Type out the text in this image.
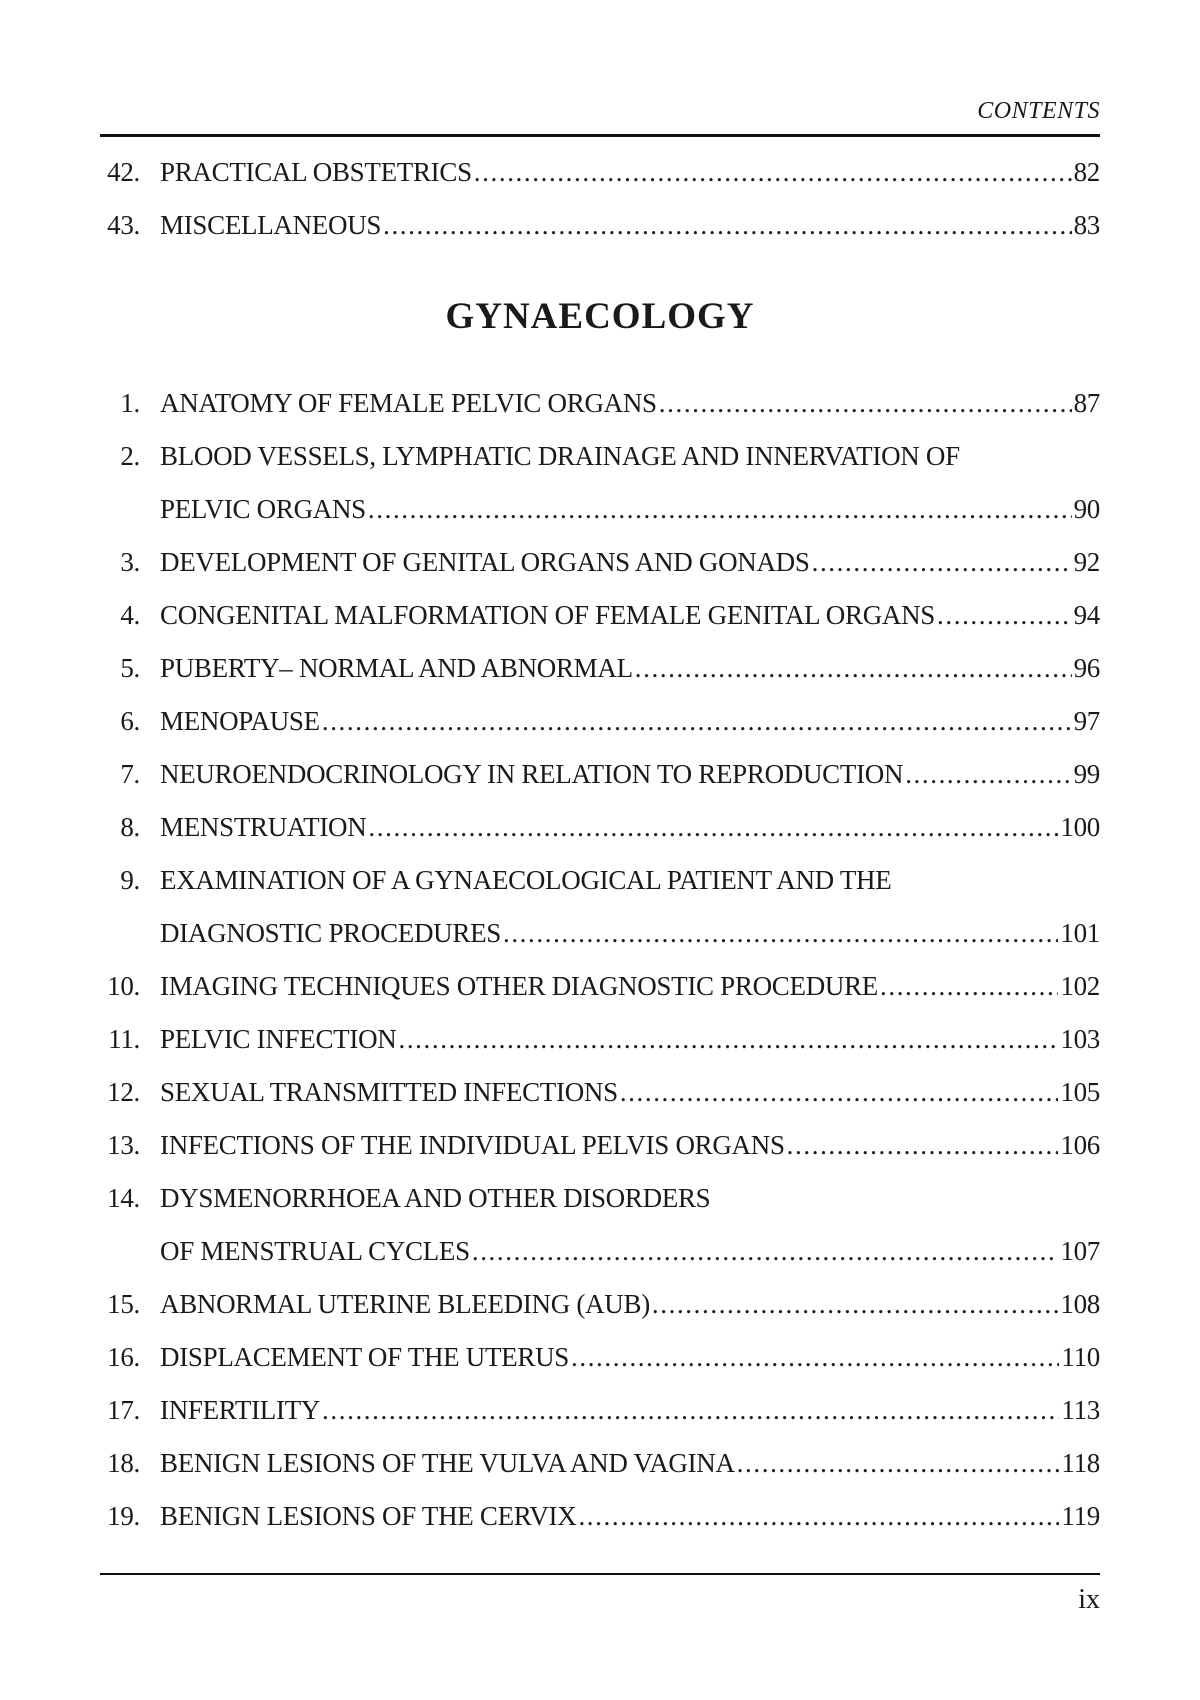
CONTENTS
42. PRACTICAL OBSTETRICS .....	82
43. MISCELLANEOUS .....	83
GYNAECOLOGY
1. ANATOMY OF FEMALE PELVIC ORGANS .....	87
2. BLOOD VESSELS, LYMPHATIC DRAINAGE AND INNERVATION OF
PELVIC ORGANS .....	90
3. DEVELOPMENT OF GENITAL ORGANS AND GONADS .....	92
4. CONGENITAL MALFORMATION OF FEMALE GENITAL ORGANS .....	94
5. PUBERTY– NORMAL AND ABNORMAL .....	96
6. MENOPAUSE .....	97
7. NEUROENDOCRINOLOGY IN RELATION TO REPRODUCTION .....	99
8. MENSTRUATION .....	100
9. EXAMINATION OF A GYNAECOLOGICAL PATIENT AND THE
DIAGNOSTIC PROCEDURES .....	101
10. IMAGING TECHNIQUES OTHER DIAGNOSTIC PROCEDURE .....	102
11. PELVIC INFECTION .....	103
12. SEXUAL TRANSMITTED INFECTIONS .....	105
13. INFECTIONS OF THE INDIVIDUAL PELVIS ORGANS .....	106
14. DYSMENORRHOEA AND OTHER DISORDERS
OF MENSTRUAL CYCLES .....	107
15. ABNORMAL UTERINE BLEEDING (AUB) .....	108
16. DISPLACEMENT OF THE UTERUS .....	110
17. INFERTILITY .....	113
18. BENIGN LESIONS OF THE VULVA AND VAGINA .....	118
19. BENIGN LESIONS OF THE CERVIX .....	119
ix
